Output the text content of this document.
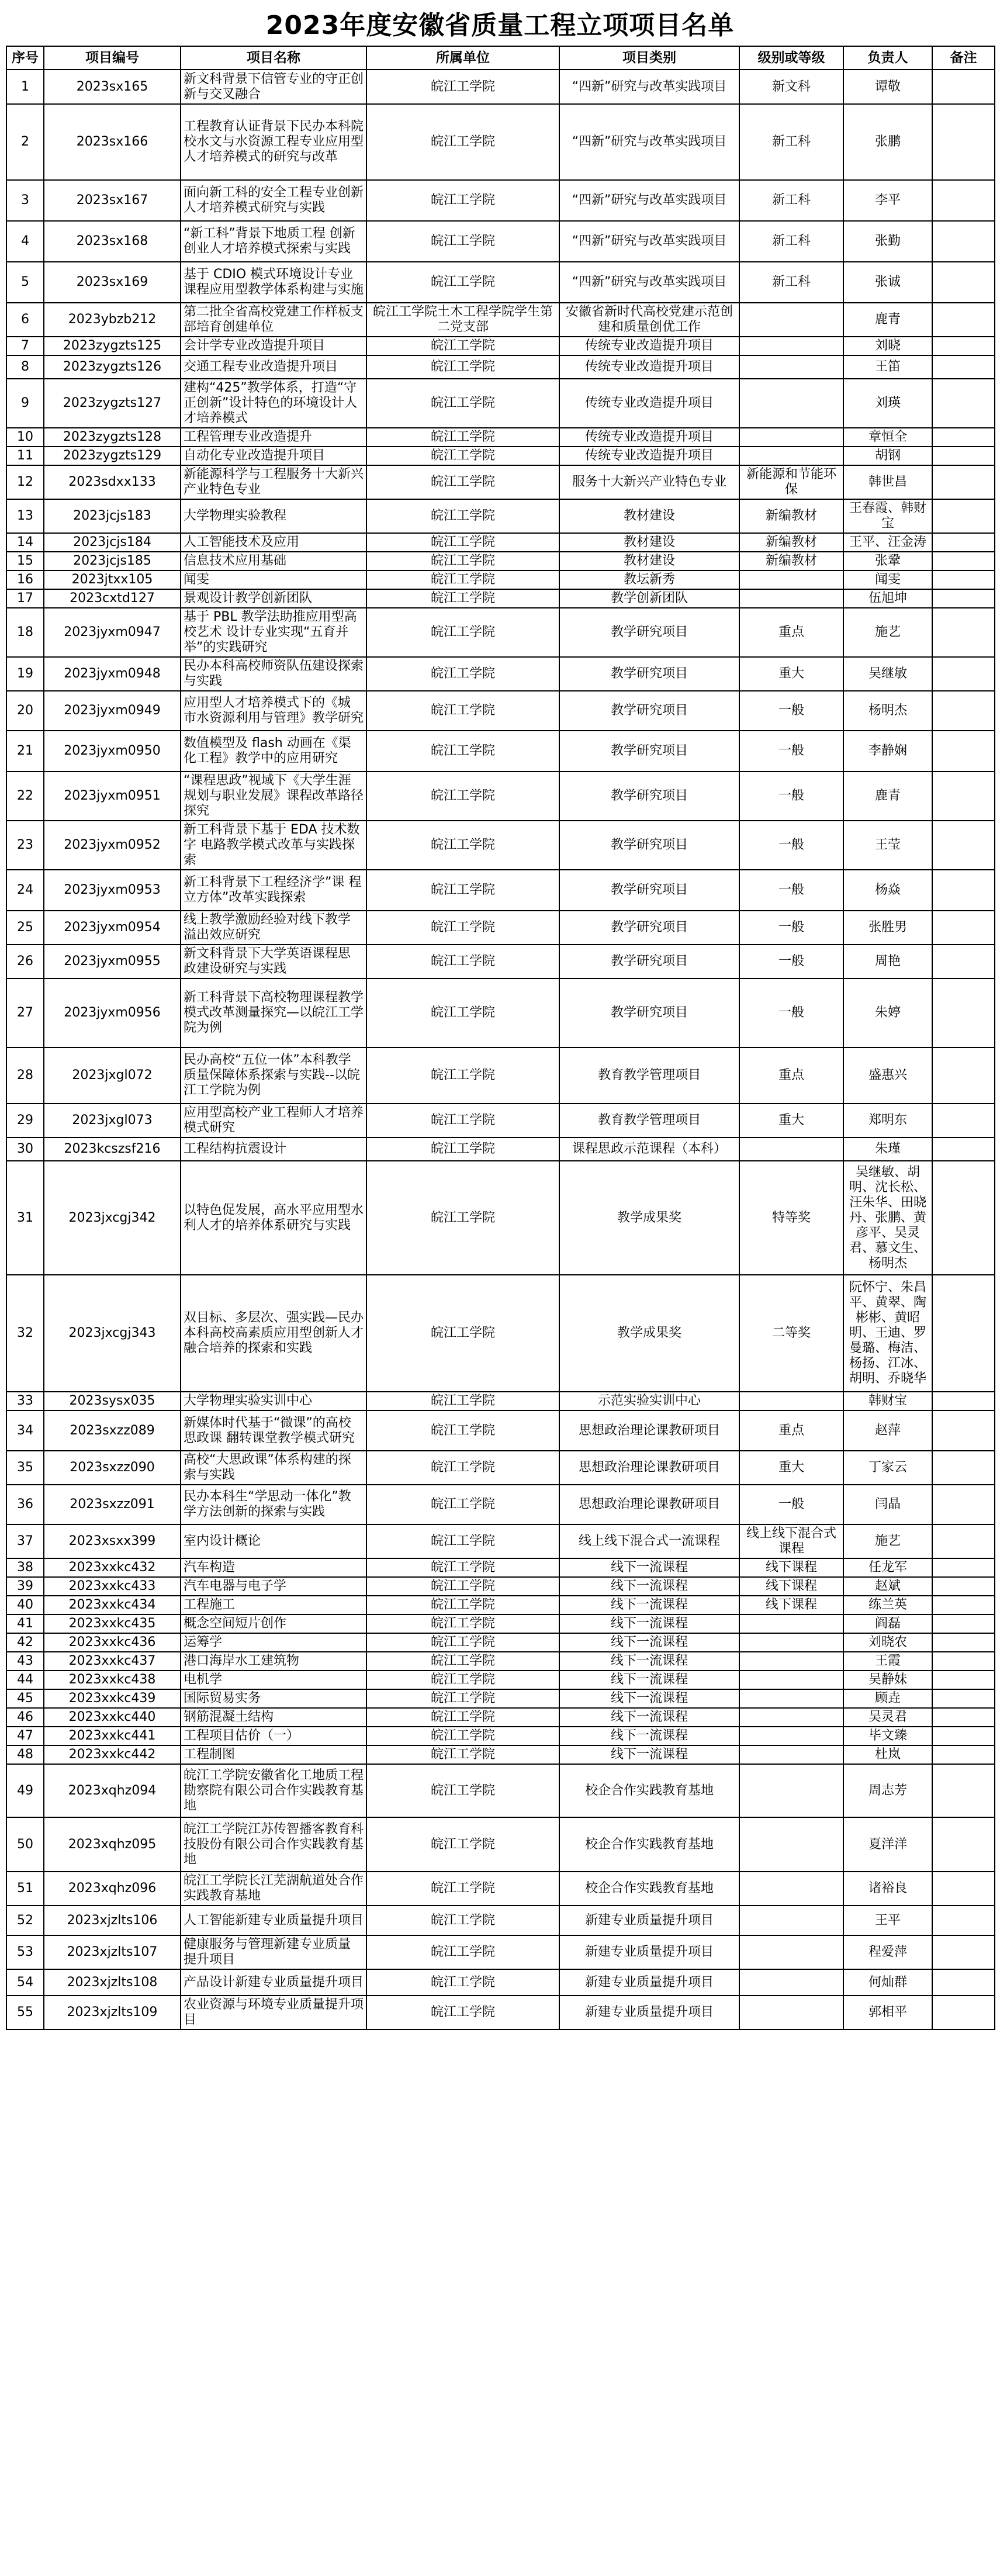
2023年度安徽省质量工程立项项目名单
序号	项目编号	项目名称	所属单位	项目类别	级别或等级	负责人	备注
1	2023sx165	新文科背景下信管专业的守正创新与交叉融合	皖江工学院	“四新”研究与改革实践项目	新文科	谭敬	
2	2023sx166	工程教育认证背景下民办本科院校水文与水资源工程专业应用型人才培养模式的研究与改革	皖江工学院	“四新”研究与改革实践项目	新工科	张鹏	
3	2023sx167	面向新工科的安全工程专业创新人才培养模式研究与实践	皖江工学院	“四新”研究与改革实践项目	新工科	李平	
4	2023sx168	“新工科”背景下地质工程 创新 创业人才培养模式探索与实践	皖江工学院	“四新”研究与改革实践项目	新工科	张勤	
5	2023sx169	基于 CDIO 模式环境设计专业课程应用型教学体系构建与实施	皖江工学院	“四新”研究与改革实践项目	新工科	张诚	
6	2023ybzb212	第二批全省高校党建工作样板支部培育创建单位	皖江工学院土木工程学院学生第二党支部	安徽省新时代高校党建示范创建和质量创优工作		鹿青	
7	2023zygzts125	会计学专业改造提升项目	皖江工学院	传统专业改造提升项目		刘晓	
8	2023zygzts126	交通工程专业改造提升项目	皖江工学院	传统专业改造提升项目		王笛	
9	2023zygzts127	建构“425”教学体系，打造“守 正创新”设计特色的环境设计人才培养模式	皖江工学院	传统专业改造提升项目		刘瑛	
10	2023zygzts128	工程管理专业改造提升	皖江工学院	传统专业改造提升项目		章恒全	
11	2023zygzts129	自动化专业改造提升项目	皖江工学院	传统专业改造提升项目		胡钢	
12	2023sdxx133	新能源科学与工程服务十大新兴产业特色专业	皖江工学院	服务十大新兴产业特色专业	新能源和节能环保	韩世昌	
13	2023jcjs183	大学物理实验教程	皖江工学院	教材建设	新编教材	王春霞、韩财宝	
14	2023jcjs184	人工智能技术及应用	皖江工学院	教材建设	新编教材	王平、汪金涛	
15	2023jcjs185	信息技术应用基础	皖江工学院	教材建设	新编教材	张鞏	
16	2023jtxx105	闻雯	皖江工学院	教坛新秀		闻雯	
17	2023cxtd127	景观设计教学创新团队	皖江工学院	教学创新团队		伍旭坤	
18	2023jyxm0947	基于 PBL 教学法助推应用型高校艺术 设计专业实现“五育并举”的实践研究	皖江工学院	教学研究项目	重点	施艺	
19	2023jyxm0948	民办本科高校师资队伍建设探索与实践	皖江工学院	教学研究项目	重大	吴继敏	
20	2023jyxm0949	应用型人才培养模式下的《城 市水资源利用与管理》教学研究	皖江工学院	教学研究项目	一般	杨明杰	
21	2023jyxm0950	数值模型及 flash 动画在《渠 化工程》教学中的应用研究	皖江工学院	教学研究项目	一般	李静娴	
22	2023jyxm0951	“课程思政”视域下《大学生涯 规划与职业发展》课程改革路径探究	皖江工学院	教学研究项目	一般	鹿青	
23	2023jyxm0952	新工科背景下基于 EDA 技术数字 电路教学模式改革与实践探索	皖江工学院	教学研究项目	一般	王莹	
24	2023jyxm0953	新工科背景下工程经济学”课 程立方体”改革实践探索	皖江工学院	教学研究项目	一般	杨焱	
25	2023jyxm0954	线上教学激励经验对线下教学 溢出效应研究	皖江工学院	教学研究项目	一般	张胜男	
26	2023jyxm0955	新文科背景下大学英语课程思 政建设研究与实践	皖江工学院	教学研究项目	一般	周艳	
27	2023jyxm0956	新工科背景下高校物理课程教学模式改革测量探究—以皖江工学院为例	皖江工学院	教学研究项目	一般	朱婷	
28	2023jxgl072	民办高校“五位一体”本科教学质量保障体系探索与实践--以皖江工学院为例	皖江工学院	教育教学管理项目	重点	盛惠兴	
29	2023jxgl073	应用型高校产业工程师人才培养模式研究	皖江工学院	教育教学管理项目	重大	郑明东	
30	2023kcszsf216	工程结构抗震设计	皖江工学院	课程思政示范课程（本科）		朱瑾	
31	2023jxcgj342	以特色促发展，高水平应用型水利人才的培养体系研究与实践	皖江工学院	教学成果奖	特等奖	吴继敏、胡明、沈长松、汪朱华、田晓丹、张鹏、黄彦平、吴灵君、慕文生、杨明杰	
32	2023jxcgj343	双目标、多层次、强实践—民办本科高校高素质应用型创新人才融合培养的探索和实践	皖江工学院	教学成果奖	二等奖	阮怀宁、朱昌平、黄翠、陶彬彬、黄昭明、王迪、罗曼璐、梅洁、杨扬、江冰、胡明、乔晓华	
33	2023sysx035	大学物理实验实训中心	皖江工学院	示范实验实训中心		韩财宝	
34	2023sxzz089	新媒体时代基于“微课”的高校思政课 翻转课堂教学模式研究	皖江工学院	思想政治理论课教研项目	重点	赵萍	
35	2023sxzz090	高校“大思政课”体系构建的探索与实践	皖江工学院	思想政治理论课教研项目	重大	丁家云	
36	2023sxzz091	民办本科生“学思动一体化”教 学方法创新的探索与实践	皖江工学院	思想政治理论课教研项目	一般	闫晶	
37	2023xsxx399	室内设计概论	皖江工学院	线上线下混合式一流课程	线上线下混合式课程	施艺	
38	2023xxkc432	汽车构造	皖江工学院	线下一流课程	线下课程	任龙军	
39	2023xxkc433	汽车电器与电子学	皖江工学院	线下一流课程	线下课程	赵斌	
40	2023xxkc434	工程施工	皖江工学院	线下一流课程	线下课程	练兰英	
41	2023xxkc435	概念空间短片创作	皖江工学院	线下一流课程		阎磊	
42	2023xxkc436	运筹学	皖江工学院	线下一流课程		刘晓农	
43	2023xxkc437	港口海岸水工建筑物	皖江工学院	线下一流课程		王霞	
44	2023xxkc438	电机学	皖江工学院	线下一流课程		吴静妹	
45	2023xxkc439	国际贸易实务	皖江工学院	线下一流课程		顾垚	
46	2023xxkc440	钢筋混凝土结构	皖江工学院	线下一流课程		吴灵君	
47	2023xxkc441	工程项目估价（一）	皖江工学院	线下一流课程		毕文臻	
48	2023xxkc442	工程制图	皖江工学院	线下一流课程		杜岚	
49	2023xqhz094	皖江工学院安徽省化工地质工程勘察院有限公司合作实践教育基地	皖江工学院	校企合作实践教育基地		周志芳	
50	2023xqhz095	皖江工学院江苏传智播客教育科技股份有限公司合作实践教育基地	皖江工学院	校企合作实践教育基地		夏洋洋	
51	2023xqhz096	皖江工学院长江芜湖航道处合作实践教育基地	皖江工学院	校企合作实践教育基地		诸裕良	
52	2023xjzlts106	人工智能新建专业质量提升项目	皖江工学院	新建专业质量提升项目		王平	
53	2023xjzlts107	健康服务与管理新建专业质量 提升项目	皖江工学院	新建专业质量提升项目		程爱萍	
54	2023xjzlts108	产品设计新建专业质量提升项目	皖江工学院	新建专业质量提升项目		何灿群	
55	2023xjzlts109	农业资源与环境专业质量提升项目	皖江工学院	新建专业质量提升项目		郭相平	
